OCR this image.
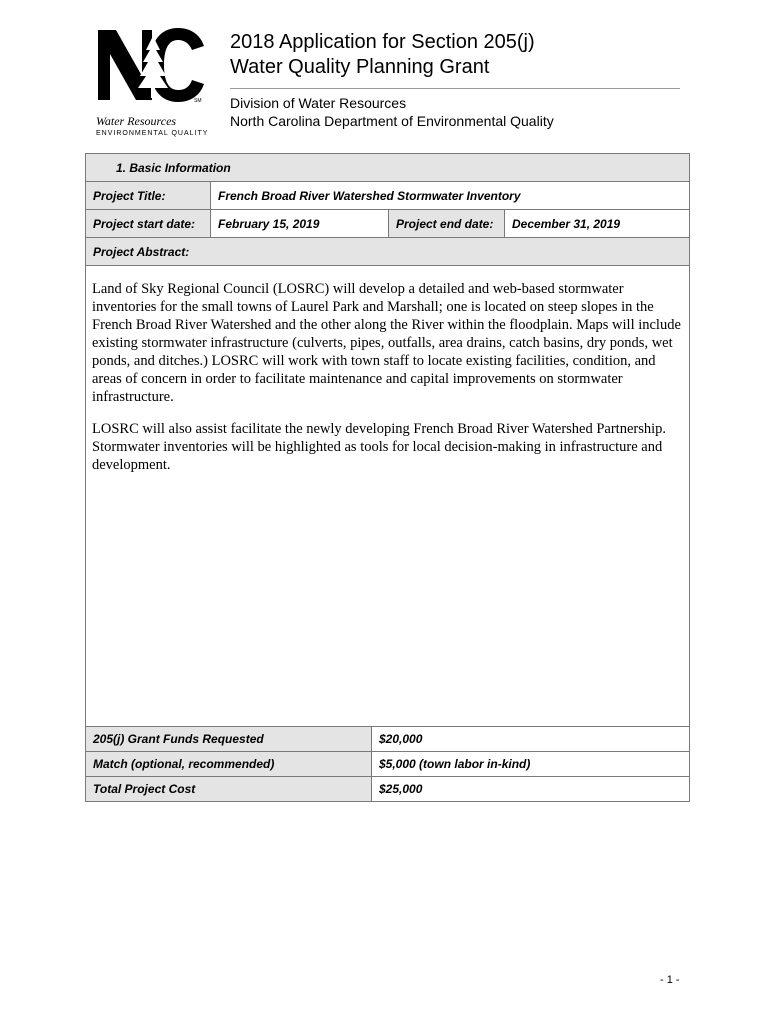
SM
Water Resources
ENVIRONMENTAL QUALITY
2018 Application for Section 205(j)
Water Quality Planning Grant
Division of Water Resources
North Carolina Department of Environmental Quality
1. Basic Information
Project Title:	French Broad River Watershed Stormwater Inventory
Project start date:	February 15, 2019	Project end date:	December 31, 2019
Project Abstract:

Land of Sky Regional Council (LOSRC) will develop a detailed and web-based stormwater inventories for the small towns of Laurel Park and Marshall; one is located on steep slopes in the French Broad River Watershed and the other along the River within the floodplain. Maps will include existing stormwater infrastructure (culverts, pipes, outfalls, area drains, catch basins, dry ponds, wet ponds, and ditches.) LOSRC will work with town staff to locate existing facilities, condition, and areas of concern in order to facilitate maintenance and capital improvements on stormwater infrastructure.

LOSRC will also assist facilitate the newly developing French Broad River Watershed Partnership. Stormwater inventories will be highlighted as tools for local decision-making in infrastructure and development.

205(j) Grant Funds Requested	$20,000
Match (optional, recommended)	$5,000 (town labor in-kind)
Total Project Cost	$25,000
- 1 -
